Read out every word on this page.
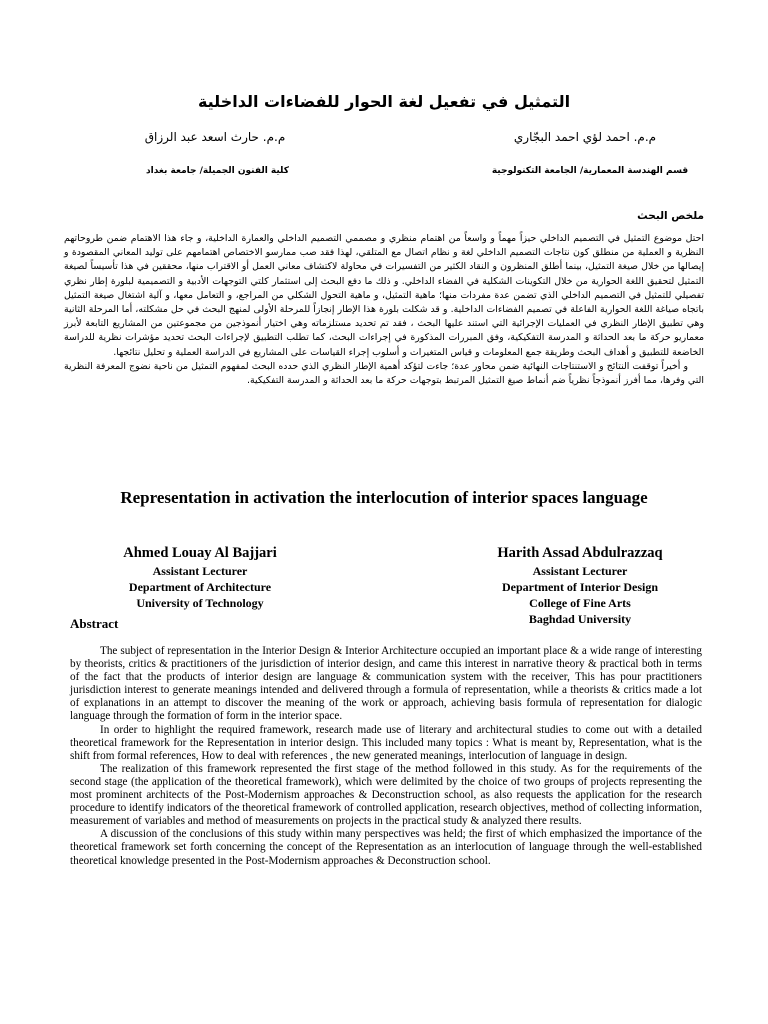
التمثيل في تفعيل لغة الحوار للفضاءات الداخلية
م.م. احمد لؤي احمد البجّاري
م.م. حارث اسعد عبد الرزاق
قسم الهندسة المعمارية/ الجامعة التكنولوجية
كلية الفنون الجميلة/ جامعة بغداد
ملخص البحث

احتل موضوع التمثيل في التصميم الداخلي حيزاً مهماً و واسعاً من اهتمام منظري و مصممي التصميم الداخلي والعمارة الداخلية، و جاء هذا الاهتمام ضمن طروحاتهم النظرية و العملية من منطلق كون نتاجات التصميم الداخلي لغة و نظام اتصال مع المتلقي، لهذا فقد صب ممارسو الاختصاص اهتمامهم على توليد المعاني المقصودة و إيصالها من خلال صيغة التمثيل، بينما أطلق المنظرون و النقاد الكثير من التفسيرات في محاولة لاكتشاف معاني العمل أو الاقتراب منها، محققين في هذا تأسيساً لصيغة التمثيل لتحقيق اللغة الحوارية من خلال التكوينات الشكلية في الفضاء الداخلي. و ذلك ما دفع البحث إلى استثمار كلتي التوجهات الأدبية و التصميمية لبلورة إطار نظري تفصيلي للتمثيل في التصميم الداخلي الذي تضمن عدة مفردات منها؛ ماهية التمثيل، و ماهية التحول الشكلي من المراجع، و التعامل معها، و آلية اشتغال صيغة التمثيل باتجاه صياغة اللغة الحوارية الفاعلة في تصميم الفضاءات الداخلية. و قد شكلت بلورة هذا الإطار إنجازاً للمرحلة الأولى لمنهج البحث في حل مشكلته، أما المرحلة الثانية وهي تطبيق الإطار النظري في العمليات الإجرائية التي استند عليها البحث ، فقد تم تحديد مستلزماته وهي اختيار أنموذجين من مجموعتين من المشاريع التابعة لأبرز معماريو حركة ما بعد الحداثة و المدرسة التفكيكية، وفق المبررات المذكورة في إجراءات البحث، كما تطلب التطبيق لإجراءات البحث تحديد مؤشرات نظرية للدراسة الخاضعة للتطبيق و أهداف البحث وطريقة جمع المعلومات و قياس المتغيرات و أسلوب إجراء القياسات على المشاريع في الدراسة العملية و تحليل نتائجها.

و أخيراً توقفت النتائج و الاستنتاجات النهائية ضمن محاور عدة؛ جاءت لتؤكد أهمية الإطار النظري الذي حدده البحث لمفهوم التمثيل من ناحية نضوج المعرفة النظرية التي وفرها، مما أفرز أنموذجاً نظرياً ضم أنماط صيغ التمثيل المرتبط بتوجهات حركة ما بعد الحداثة و المدرسة التفكيكية.

Representation in activation the interlocution of interior spaces language
Ahmed Louay Al Bajjari
Assistant Lecturer
Department of Architecture
University of Technology
Harith Assad Abdulrazzaq
Assistant Lecturer
Department of Interior Design
College of Fine Arts
Baghdad University
Abstract

The subject of representation in the Interior Design & Interior Architecture occupied an important place & a wide range of interesting by theorists, critics & practitioners of the jurisdiction of interior design, and came this interest in narrative theory & practical both in terms of the fact that the products of interior design are language & communication system with the receiver, This has pour practitioners jurisdiction interest to generate meanings intended and delivered through a formula of representation, while a theorists & critics made a lot of explanations in an attempt to discover the meaning of the work or approach, achieving basis formula of representation for dialogic language through the formation of form in the interior space.

In order to highlight the required framework, research made use of literary and architectural studies to come out with a detailed theoretical framework for the Representation in interior design. This included many topics : What is meant by, Representation, what is the shift from formal references, How to deal with references , the new generated meanings, interlocution of language in design.

The realization of this framework represented the first stage of the method followed in this study. As for the requirements of the second stage (the application of the theoretical framework), which were delimited by the choice of two groups of projects representing the most prominent architects of the Post-Modernism approaches & Deconstruction school, as also requests the application for the research procedure to identify indicators of the theoretical framework of controlled application, research objectives, method of collecting information, measurement of variables and method of measurements on projects in the practical study & analyzed there results.

A discussion of the conclusions of this study within many perspectives was held; the first of which emphasized the importance of the theoretical framework set forth concerning the concept of the Representation as an interlocution of language through the well-established theoretical knowledge presented in the Post-Modernism approaches & Deconstruction school.
